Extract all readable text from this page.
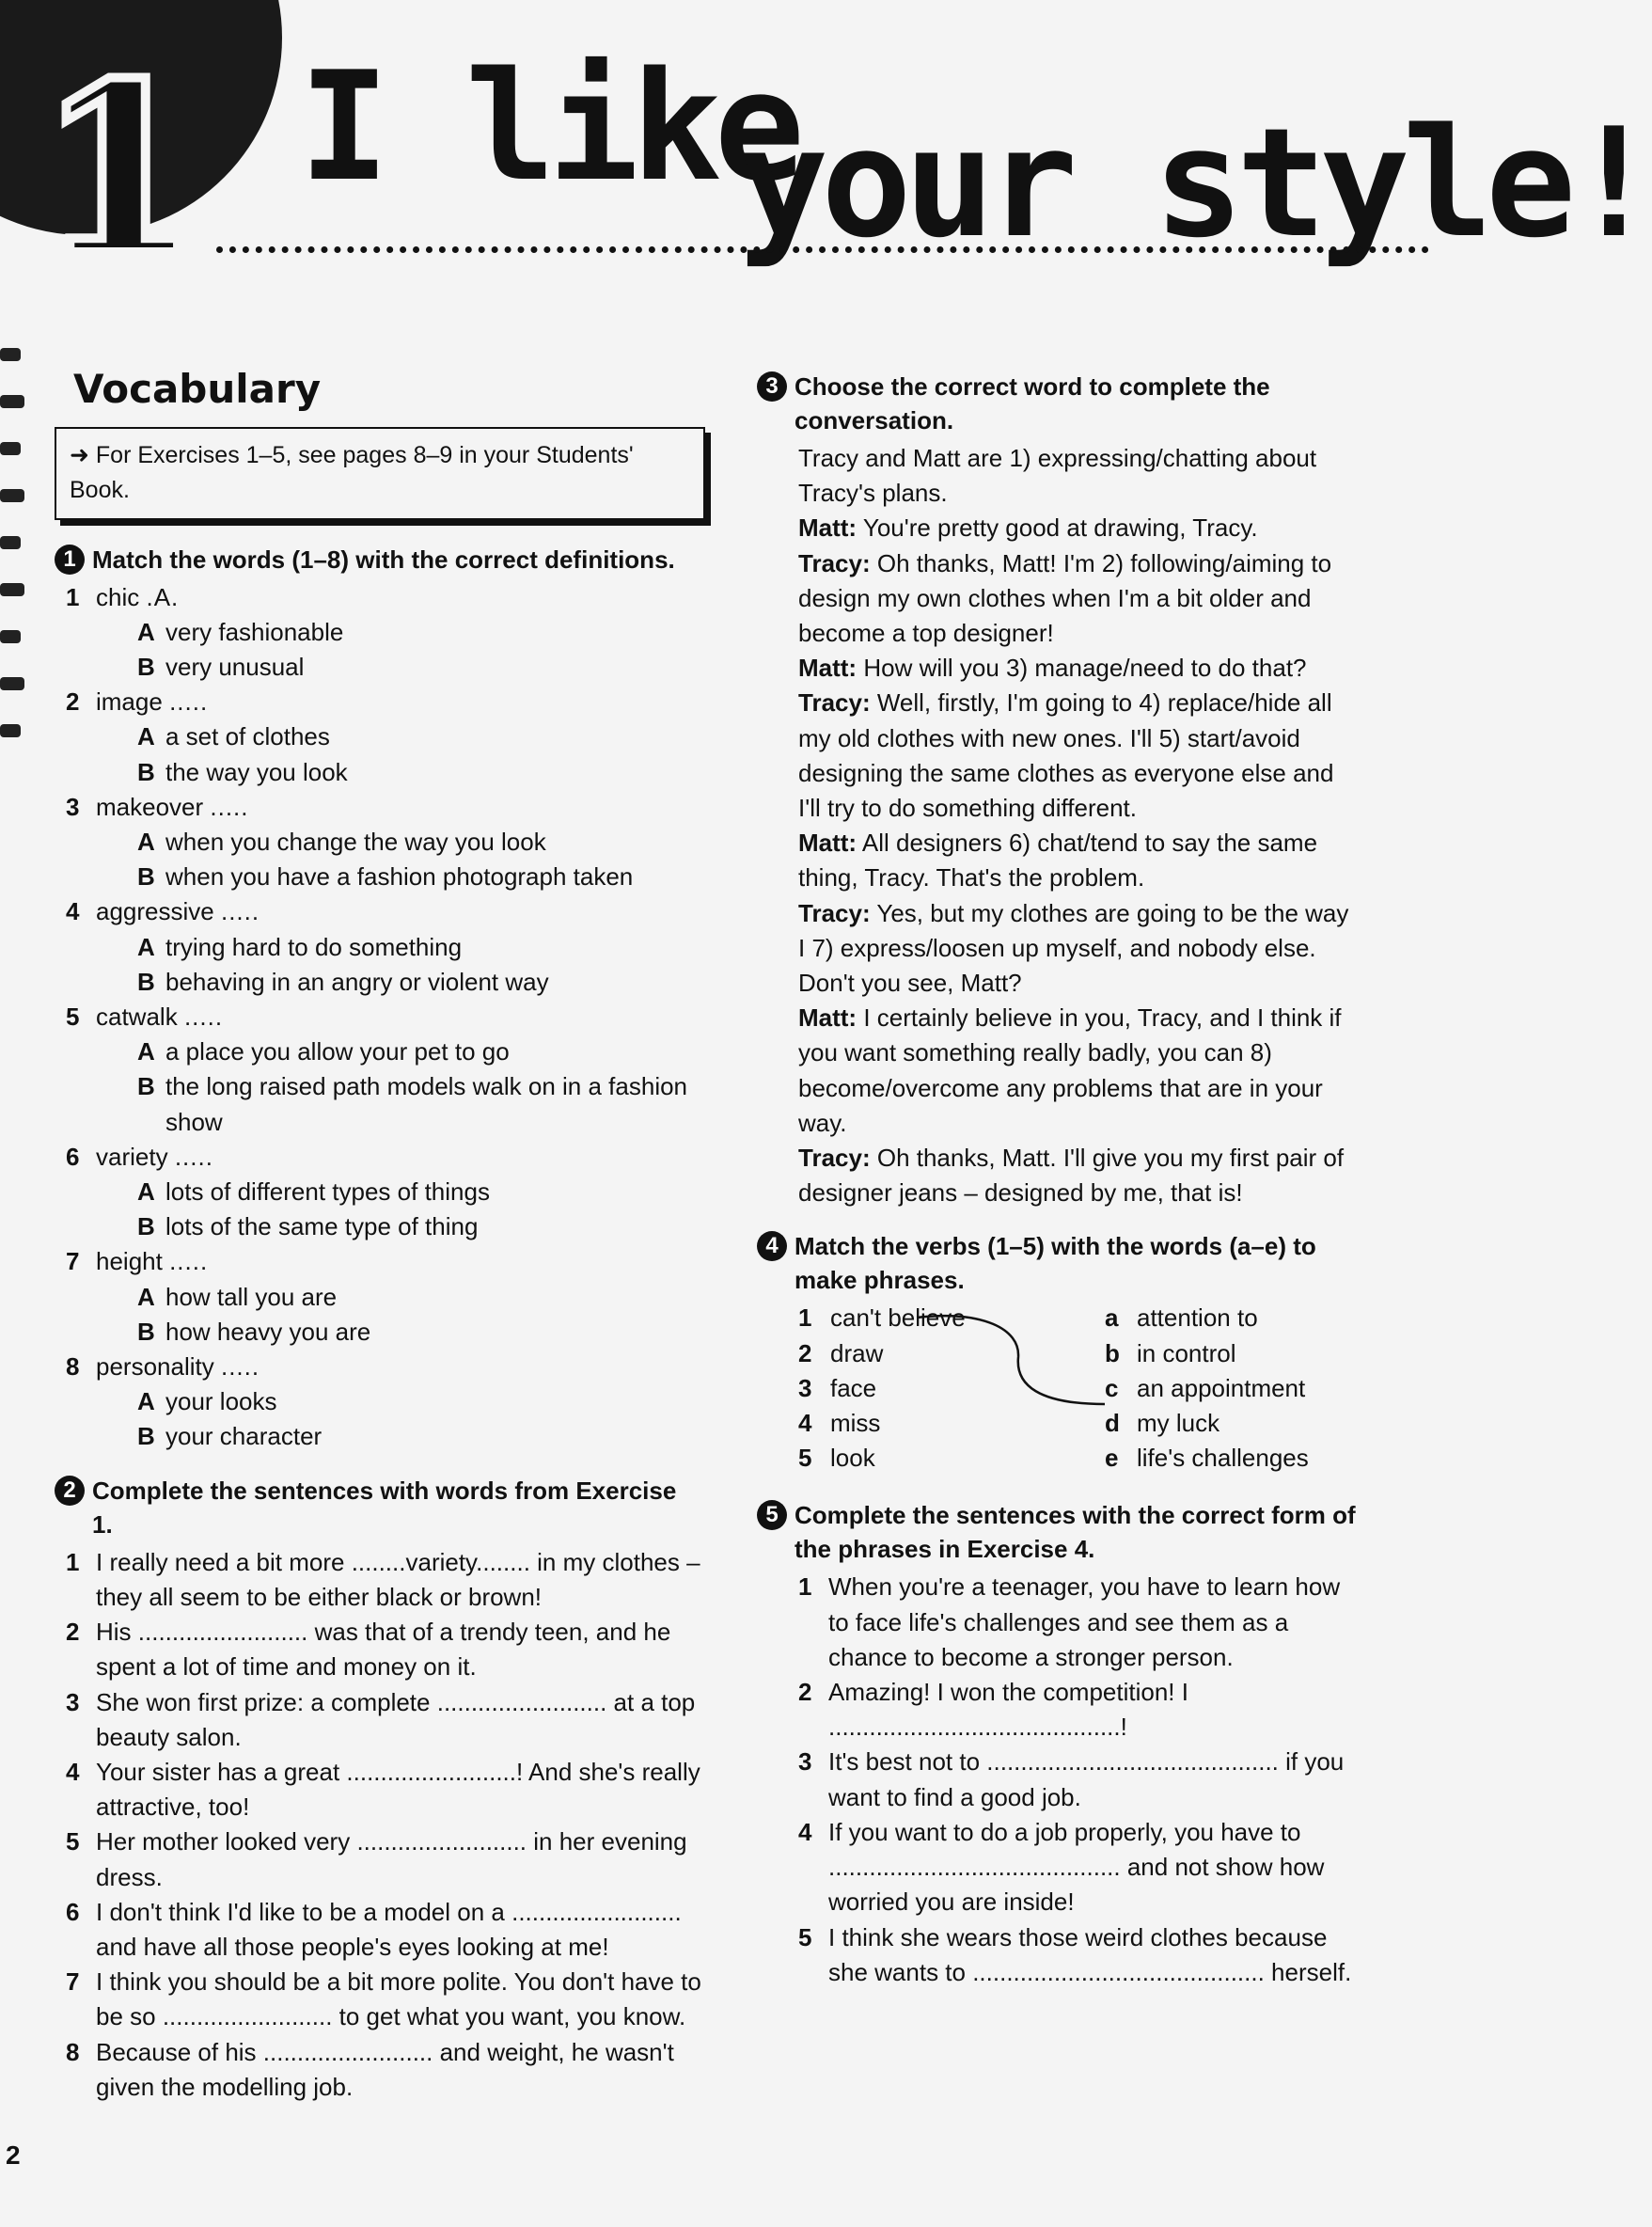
1 I like
your style!
Vocabulary
➜ For Exercises 1–5, see pages 8–9 in your Students' Book.
1 Match the words (1–8) with the correct definitions.
1 chic .A.
A very fashionable
B very unusual
2 image .....
A a set of clothes
B the way you look
3 makeover .....
A when you change the way you look
B when you have a fashion photograph taken
4 aggressive .....
A trying hard to do something
B behaving in an angry or violent way
5 catwalk .....
A a place you allow your pet to go
B the long raised path models walk on in a fashion show
6 variety .....
A lots of different types of things
B lots of the same type of thing
7 height .....
A how tall you are
B how heavy you are
8 personality .....
A your looks
B your character
2 Complete the sentences with words from Exercise 1.
1 I really need a bit more ........variety........ in my clothes – they all seem to be either black or brown!
2 His ......................... was that of a trendy teen, and he spent a lot of time and money on it.
3 She won first prize: a complete ......................... at a top beauty salon.
4 Your sister has a great .........................! And she's really attractive, too!
5 Her mother looked very ......................... in her evening dress.
6 I don't think I'd like to be a model on a ......................... and have all those people's eyes looking at me!
7 I think you should be a bit more polite. You don't have to be so ......................... to get what you want, you know.
8 Because of his ......................... and weight, he wasn't given the modelling job.
3 Choose the correct word to complete the conversation.
Tracy and Matt are 1) expressing/chatting about Tracy's plans.
Matt: You're pretty good at drawing, Tracy.
Tracy: Oh thanks, Matt! I'm 2) following/aiming to design my own clothes when I'm a bit older and become a top designer!
Matt: How will you 3) manage/need to do that?
Tracy: Well, firstly, I'm going to 4) replace/hide all my old clothes with new ones. I'll 5) start/avoid designing the same clothes as everyone else and I'll try to do something different.
Matt: All designers 6) chat/tend to say the same thing, Tracy. That's the problem.
Tracy: Yes, but my clothes are going to be the way I 7) express/loosen up myself, and nobody else. Don't you see, Matt?
Matt: I certainly believe in you, Tracy, and I think if you want something really badly, you can 8) become/overcome any problems that are in your way.
Tracy: Oh thanks, Matt. I'll give you my first pair of designer jeans – designed by me, that is!
4 Match the verbs (1–5) with the words (a–e) to make phrases.
1 can't believe
2 draw
3 face
4 miss
5 look
a attention to
b in control
c an appointment
d my luck
e life's challenges
5 Complete the sentences with the correct form of the phrases in Exercise 4.
1 When you're a teenager, you have to learn how to face life's challenges and see them as a chance to become a stronger person.
2 Amazing! I won the competition! I ...........................................!
3 It's best not to ........................................... if you want to find a good job.
4 If you want to do a job properly, you have to ........................................... and not show how worried you are inside!
5 I think she wears those weird clothes because she wants to ........................................... herself.
2
